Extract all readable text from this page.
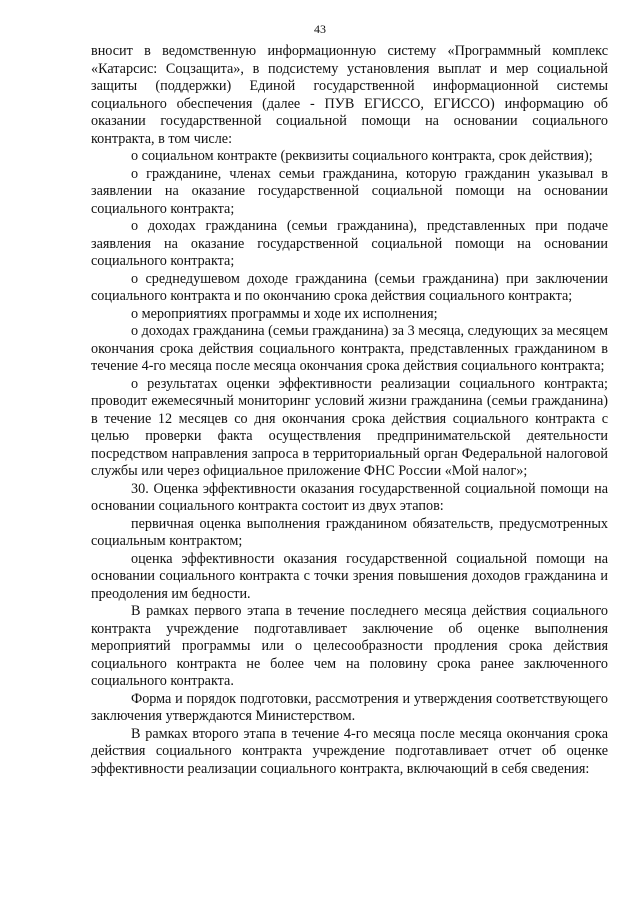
43

вносит в ведомственную информационную систему «Программный комплекс «Катарсис: Соцзащита», в подсистему установления выплат и мер социальной защиты (поддержки) Единой государственной информационной системы социального обеспечения (далее - ПУВ ЕГИССО, ЕГИССО) информацию об оказании государственной социальной помощи на основании социального контракта, в том числе:

о социальном контракте (реквизиты социального контракта, срок действия);

о гражданине, членах семьи гражданина, которую гражданин указывал в заявлении на оказание государственной социальной помощи на основании социального контракта;

о доходах гражданина (семьи гражданина), представленных при подаче заявления на оказание государственной социальной помощи на основании социального контракта;

о среднедушевом доходе гражданина (семьи гражданина) при заключении социального контракта и по окончанию срока действия социального контракта;

о мероприятиях программы и ходе их исполнения;

о доходах гражданина (семьи гражданина) за 3 месяца, следующих за месяцем окончания срока действия социального контракта, представленных гражданином в течение 4-го месяца после месяца окончания срока действия социального контракта;

о результатах оценки эффективности реализации социального контракта; проводит ежемесячный мониторинг условий жизни гражданина (семьи гражданина) в течение 12 месяцев со дня окончания срока действия социального контракта с целью проверки факта осуществления предпринимательской деятельности посредством направления запроса в территориальный орган Федеральной налоговой службы или через официальное приложение ФНС России «Мой налог»;

30. Оценка эффективности оказания государственной социальной помощи на основании социального контракта состоит из двух этапов:

первичная оценка выполнения гражданином обязательств, предусмотренных социальным контрактом;

оценка эффективности оказания государственной социальной помощи на основании социального контракта с точки зрения повышения доходов гражданина и преодоления им бедности.

В рамках первого этапа в течение последнего месяца действия социального контракта учреждение подготавливает заключение об оценке выполнения мероприятий программы или о целесообразности продления срока действия социального контракта не более чем на половину срока ранее заключенного социального контракта.

Форма и порядок подготовки, рассмотрения и утверждения соответствующего заключения утверждаются Министерством.

В рамках второго этапа в течение 4-го месяца после месяца окончания срока действия социального контракта учреждение подготавливает отчет об оценке эффективности реализации социального контракта, включающий в себя сведения:
